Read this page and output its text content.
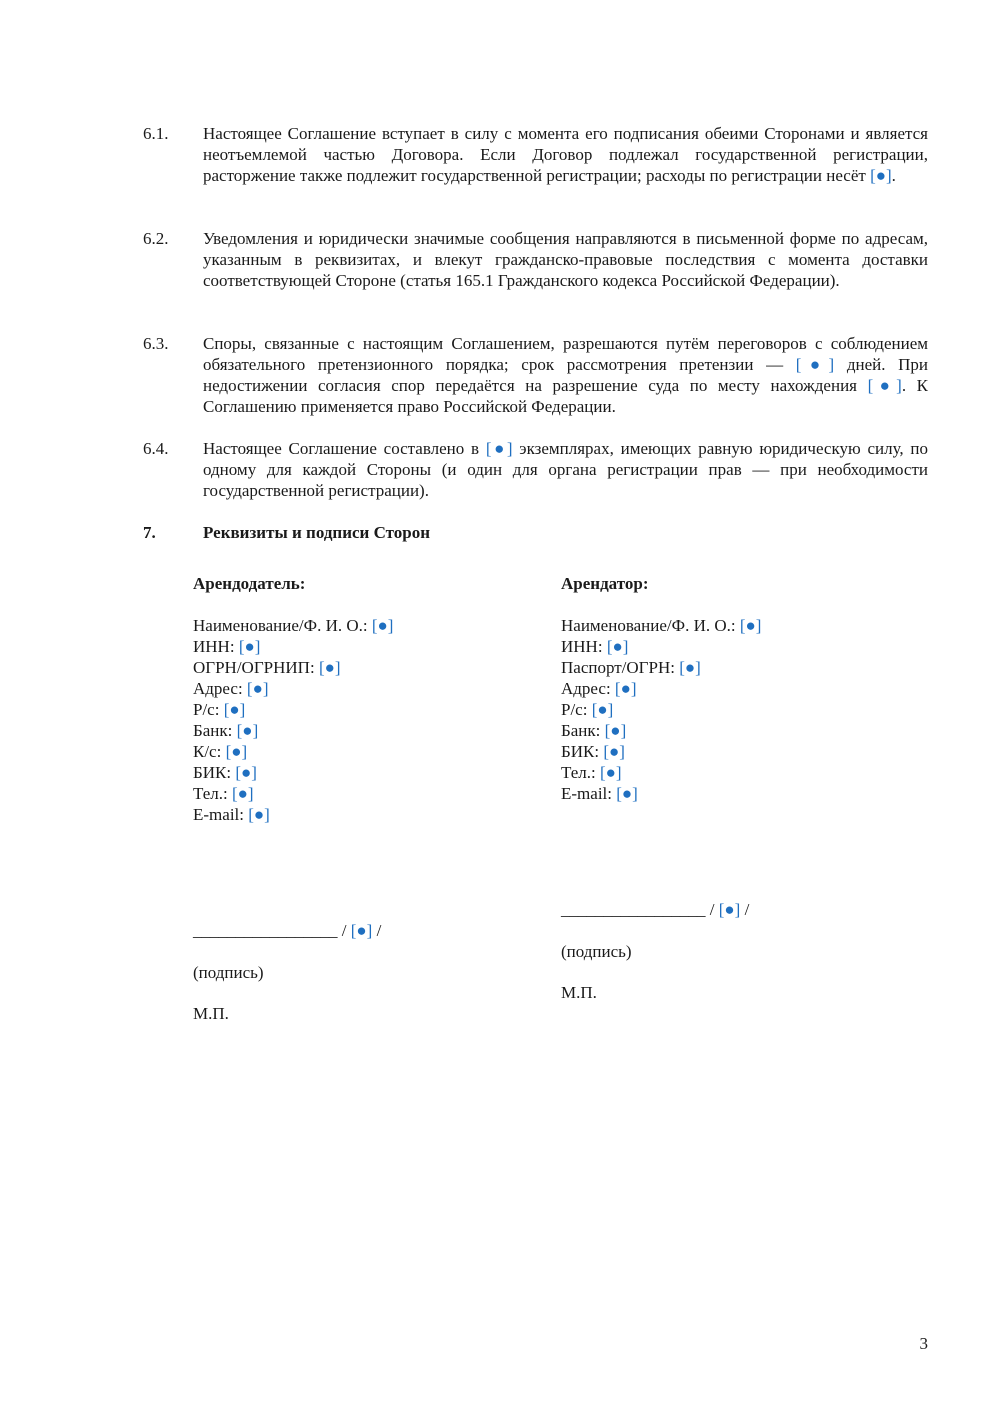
6.1.	Настоящее Соглашение вступает в силу с момента его подписания обеими Сторонами и является неотъемлемой частью Договора. Если Договор подлежал государственной регистрации, расторжение также подлежит государственной регистрации; расходы по регистрации несёт [●].
6.2.	Уведомления и юридически значимые сообщения направляются в письменной форме по адресам, указанным в реквизитах, и влекут гражданско-правовые последствия с момента доставки соответствующей Стороне (статья 165.1 Гражданского кодекса Российской Федерации).
6.3.	Споры, связанные с настоящим Соглашением, разрешаются путём переговоров с соблюдением обязательного претензионного порядка; срок рассмотрения претензии — [●] дней. При недостижении согласия спор передаётся на разрешение суда по месту нахождения [●]. К Соглашению применяется право Российской Федерации.
6.4.	Настоящее Соглашение составлено в [●] экземплярах, имеющих равную юридическую силу, по одному для каждой Стороны (и один для органа регистрации прав — при необходимости государственной регистрации).
7.	Реквизиты и подписи Сторон
Арендодатель:
Наименование/Ф. И. О.: [●]
ИНН: [●]
ОГРН/ОГРНИП: [●]
Адрес: [●]
Р/с: [●]
Банк: [●]
К/с: [●]
БИК: [●]
Тел.: [●]
E-mail: [●]
Арендатор:
Наименование/Ф. И. О.: [●]
ИНН: [●]
Паспорт/ОГРН: [●]
Адрес: [●]
Р/с: [●]
Банк: [●]
БИК: [●]
Тел.: [●]
E-mail: [●]
_________________ / [●] /
(подпись)
М.П.
_________________ / [●] /
(подпись)
М.П.
3
